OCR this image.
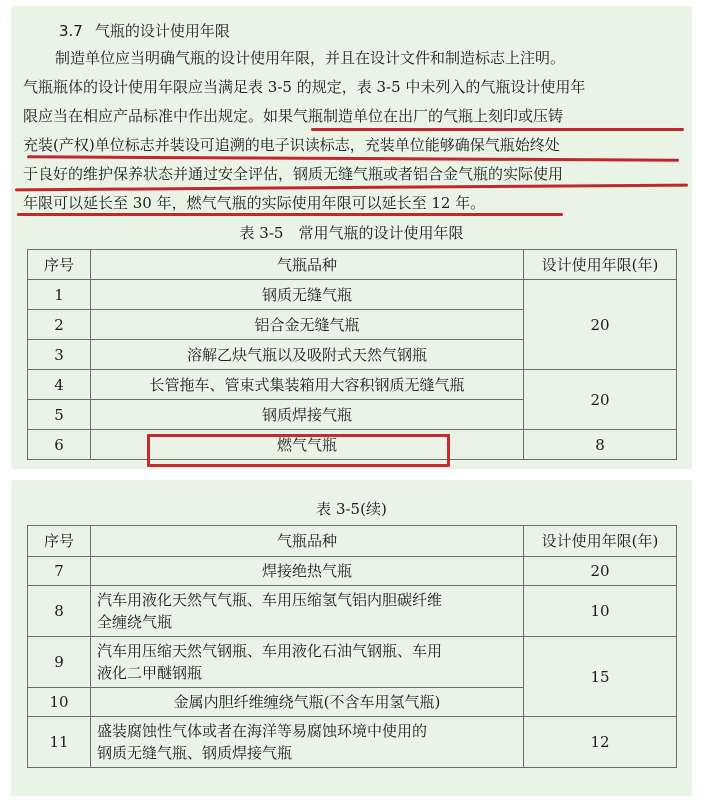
3.7 气瓶的设计使用年限
制造单位应当明确气瓶的设计使用年限，并且在设计文件和制造标志上注明。
气瓶瓶体的设计使用年限应当满足表 3-5 的规定，表 3-5 中未列入的气瓶设计使用年
限应当在相应产品标准中作出规定。如果气瓶制造单位在出厂的气瓶上刻印或压铸
充装(产权)单位标志并装设可追溯的电子识读标志，充装单位能够确保气瓶始终处
于良好的维护保养状态并通过安全评估，钢质无缝气瓶或者铝合金气瓶的实际使用
年限可以延长至 30 年，燃气气瓶的实际使用年限可以延长至 12 年。
表 3-5　常用气瓶的设计使用年限
序号	气瓶品种	设计使用年限(年)
1	钢质无缝气瓶	20
2	铝合金无缝气瓶	
3	溶解乙炔气瓶以及吸附式天然气钢瓶	
4	长管拖车、管束式集装箱用大容积钢质无缝气瓶	20
5	钢质焊接气瓶	
6	燃气气瓶	8
表 3-5(续)
序号	气瓶品种	设计使用年限(年)
7	焊接绝热气瓶	20
8	汽车用液化天然气气瓶、车用压缩氢气铝内胆碳纤维
全缠绕气瓶	10
9	汽车用压缩天然气钢瓶、车用液化石油气钢瓶、车用
液化二甲醚钢瓶	15
10	金属内胆纤维缠绕气瓶(不含车用氢气瓶)	
11	盛装腐蚀性气体或者在海洋等易腐蚀环境中使用的
钢质无缝气瓶、钢质焊接气瓶	12
